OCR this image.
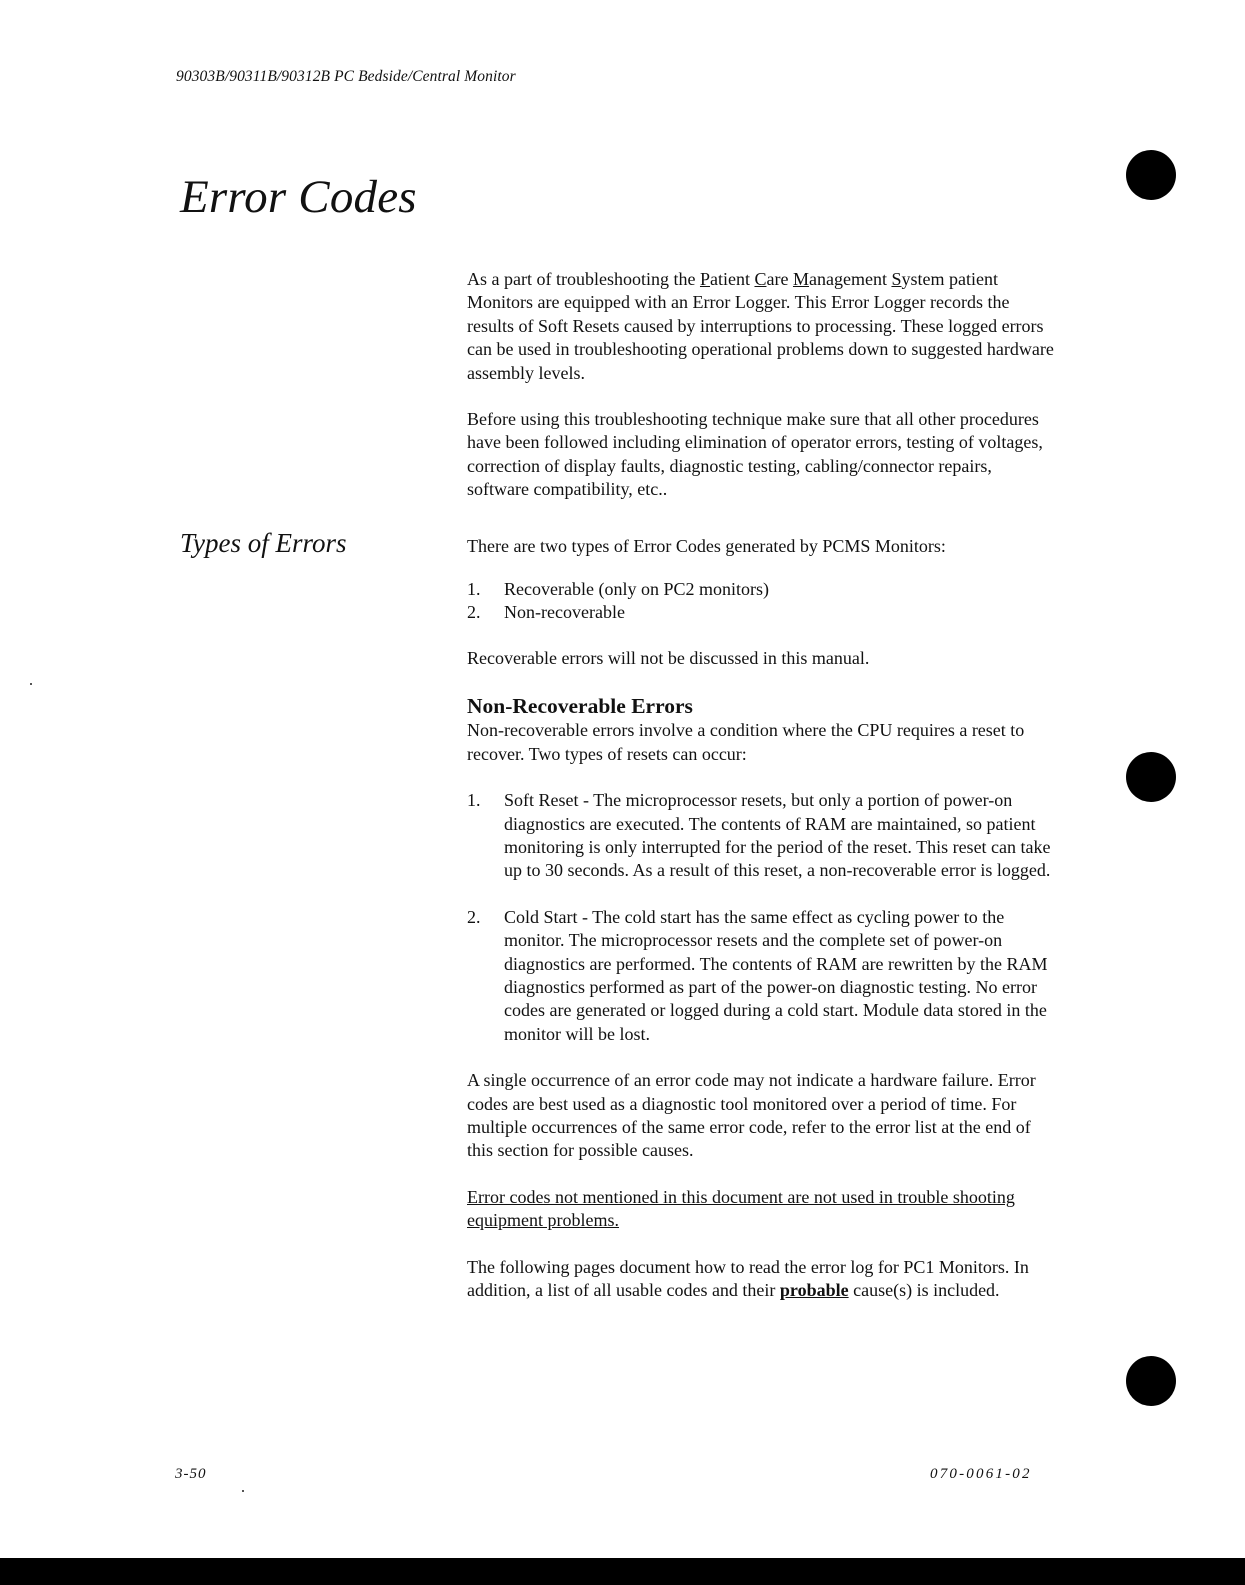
90303B/90311B/90312B PC Bedside/Central Monitor
Error Codes
Types of Errors

As a part of troubleshooting the Patient Care Management System patient Monitors are equipped with an Error Logger. This Error Logger records the results of Soft Resets caused by interruptions to processing. These logged errors can be used in troubleshooting operational problems down to suggested hardware assembly levels.

Before using this troubleshooting technique make sure that all other procedures have been followed including elimination of operator errors, testing of voltages, correction of display faults, diagnostic testing, cabling/connector repairs, software compatibility, etc..

There are two types of Error Codes generated by PCMS Monitors:

1. Recoverable (only on PC2 monitors)
2. Non-recoverable

Recoverable errors will not be discussed in this manual.

Non-Recoverable Errors

Non-recoverable errors involve a condition where the CPU requires a reset to recover. Two types of resets can occur:

1. Soft Reset - The microprocessor resets, but only a portion of power-on diagnostics are executed. The contents of RAM are maintained, so patient monitoring is only interrupted for the period of the reset. This reset can take up to 30 seconds. As a result of this reset, a non-recoverable error is logged.
2. Cold Start - The cold start has the same effect as cycling power to the monitor. The microprocessor resets and the complete set of power-on diagnostics are performed. The contents of RAM are rewritten by the RAM diagnostics performed as part of the power-on diagnostic testing. No error codes are generated or logged during a cold start. Module data stored in the monitor will be lost.

A single occurrence of an error code may not indicate a hardware failure. Error codes are best used as a diagnostic tool monitored over a period of time. For multiple occurrences of the same error code, refer to the error list at the end of this section for possible causes.

Error codes not mentioned in this document are not used in trouble shooting equipment problems.

The following pages document how to read the error log for PC1 Monitors. In addition, a list of all usable codes and their probable cause(s) is included.

3-50	070-0061-02
